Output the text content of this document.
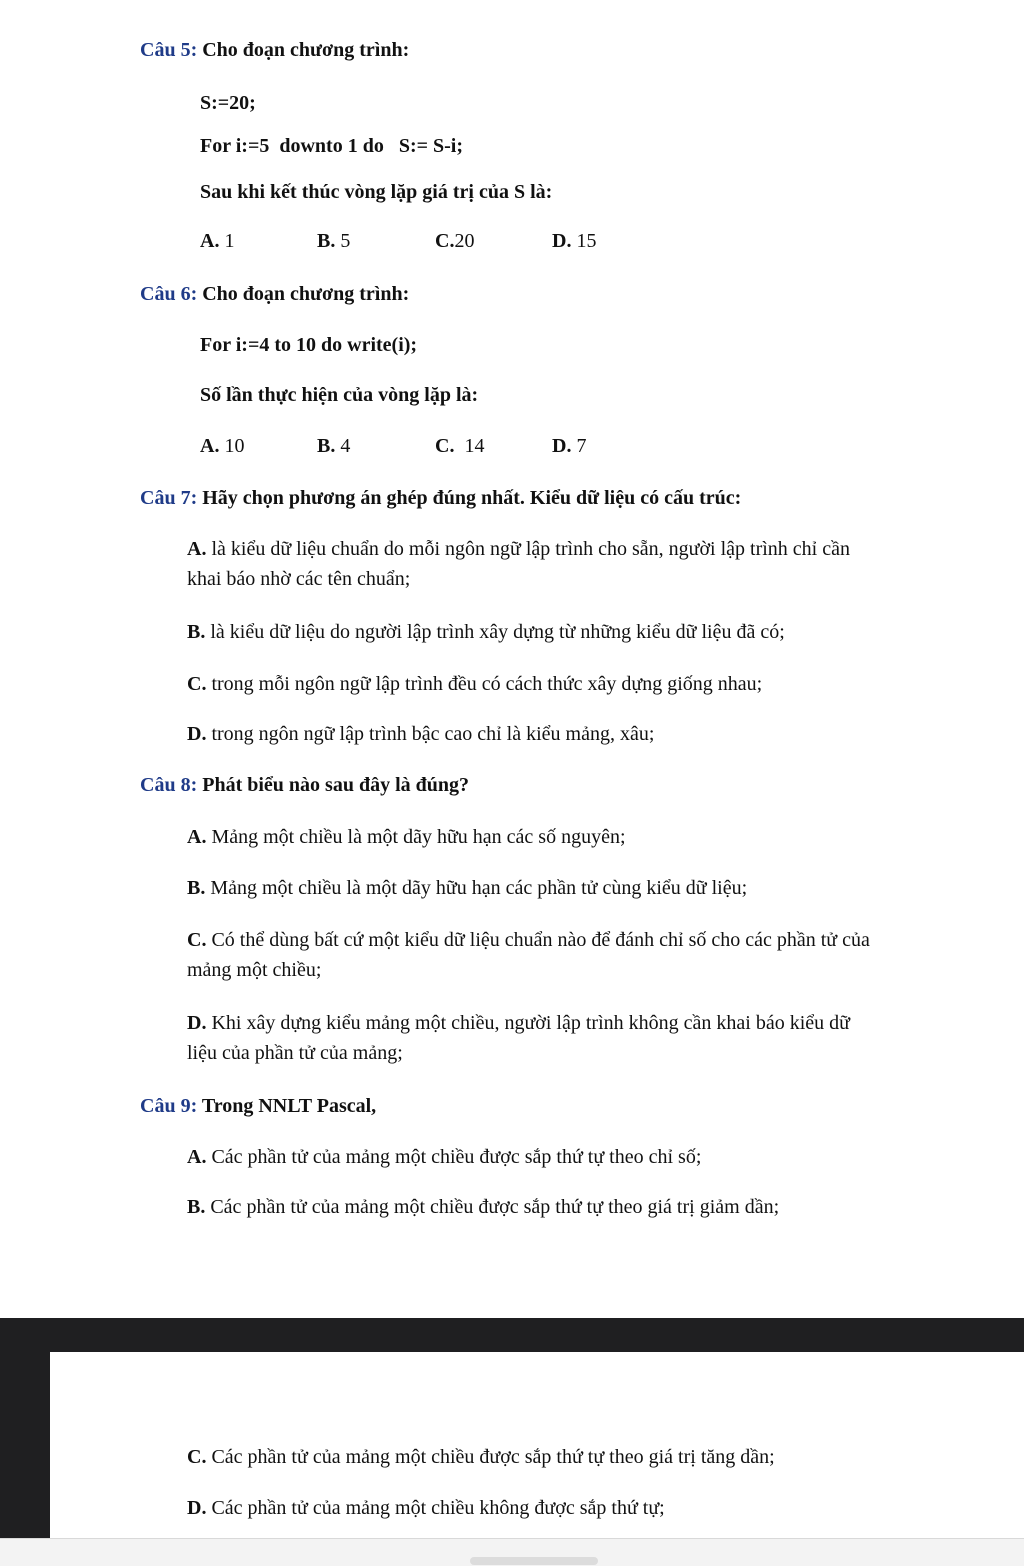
Câu 5: Cho đoạn chương trình:
S:=20;
For i:=5  downto 1 do   S:= S-i;
Sau khi kết thúc vòng lặp giá trị của S là:
A. 1	B. 5	C.20	D. 15
Câu 6: Cho đoạn chương trình:
For i:=4 to 10 do write(i);
Số lần thực hiện của vòng lặp là:
A. 10	B. 4	C.  14	D. 7
Câu 7: Hãy chọn phương án ghép đúng nhất. Kiểu dữ liệu có cấu trúc:
A. là kiểu dữ liệu chuẩn do mỗi ngôn ngữ lập trình cho sẵn, người lập trình chỉ cần
khai báo nhờ các tên chuẩn;
B. là kiểu dữ liệu do người lập trình xây dựng từ những kiểu dữ liệu đã có;
C. trong mỗi ngôn ngữ lập trình đều có cách thức xây dựng giống nhau;
D. trong ngôn ngữ lập trình bậc cao chỉ là kiểu mảng, xâu;
Câu 8: Phát biểu nào sau đây là đúng?
A. Mảng một chiều là một dãy hữu hạn các số nguyên;
B. Mảng một chiều là một dãy hữu hạn các phần tử cùng kiểu dữ liệu;
C. Có thể dùng bất cứ một kiểu dữ liệu chuẩn nào để đánh chỉ số cho các phần tử của
mảng một chiều;
D. Khi xây dựng kiểu mảng một chiều, người lập trình không cần khai báo kiểu dữ
liệu của phần tử của mảng;
Câu 9: Trong NNLT Pascal,
A. Các phần tử của mảng một chiều được sắp thứ tự theo chỉ số;
B. Các phần tử của mảng một chiều được sắp thứ tự theo giá trị giảm dần;
C. Các phần tử của mảng một chiều được sắp thứ tự theo giá trị tăng dần;
D. Các phần tử của mảng một chiều không được sắp thứ tự;
